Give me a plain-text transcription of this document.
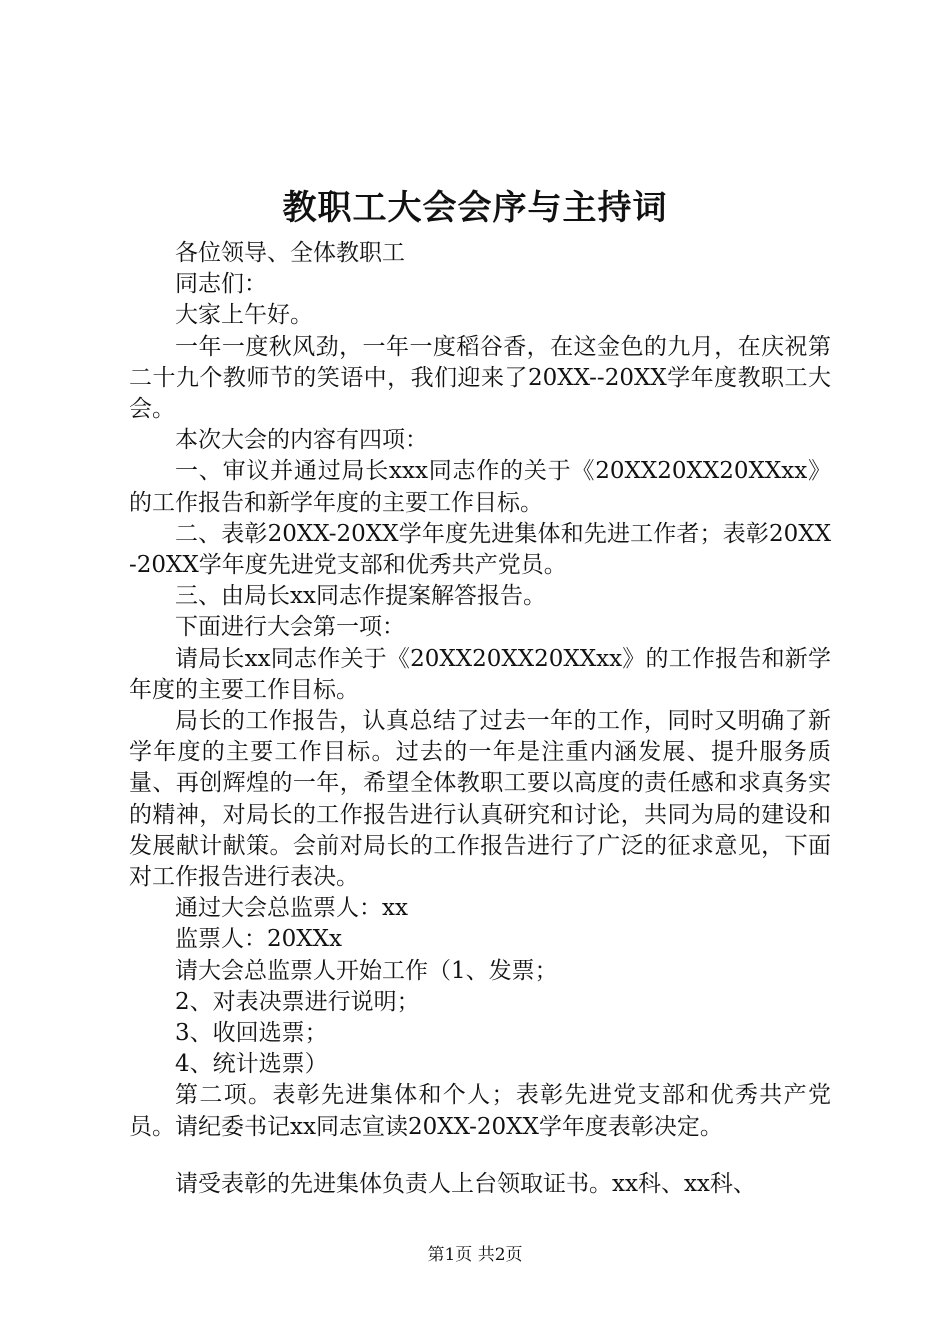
教职工大会会序与主持词

各位领导、全体教职工

同志们：

大家上午好。

一年一度秋风劲，一年一度稻谷香，在这金色的九月，在庆祝第二十九个教师节的笑语中，我们迎来了20XX--20XX学年度教职工大会。

本次大会的内容有四项：

一、审议并通过局长xxx同志作的关于《20XX20XX20XXxx》的工作报告和新学年度的主要工作目标。

二、表彰20XX-20XX学年度先进集体和先进工作者；表彰20XX-20XX学年度先进党支部和优秀共产党员。

三、由局长xx同志作提案解答报告。

下面进行大会第一项：

请局长xx同志作关于《20XX20XX20XXxx》的工作报告和新学年度的主要工作目标。

局长的工作报告，认真总结了过去一年的工作，同时又明确了新学年度的主要工作目标。过去的一年是注重内涵发展、提升服务质量、再创辉煌的一年，希望全体教职工要以高度的责任感和求真务实的精神，对局长的工作报告进行认真研究和讨论，共同为局的建设和发展献计献策。会前对局长的工作报告进行了广泛的征求意见，下面对工作报告进行表决。

通过大会总监票人：xx

监票人：20XXx

请大会总监票人开始工作（1、发票；

2、对表决票进行说明；

3、收回选票；

4、统计选票）

第二项。表彰先进集体和个人；表彰先进党支部和优秀共产党员。请纪委书记xx同志宣读20XX-20XX学年度表彰决定。

请受表彰的先进集体负责人上台领取证书。xx科、xx科、

第1页 共2页
